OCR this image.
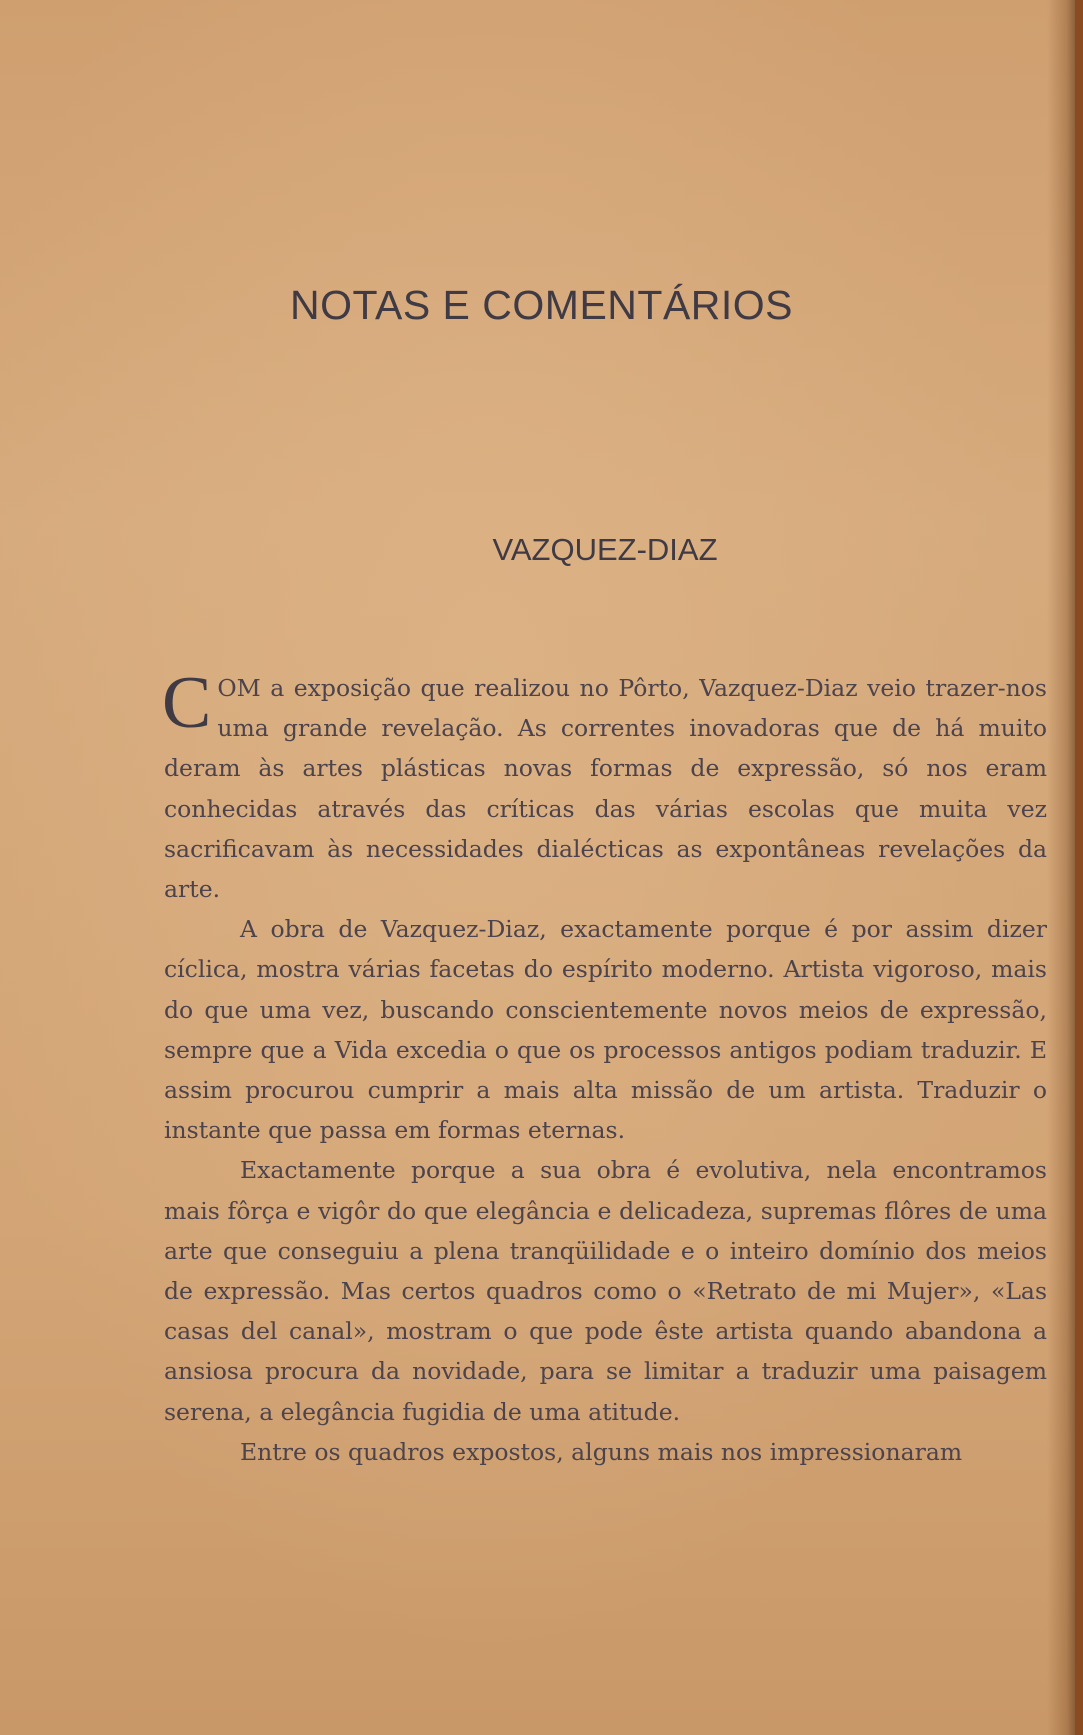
NOTAS E COMENTÁRIOS
VAZQUEZ-DIAZ

COM a exposição que realizou no Pôrto, Vazquez-Diaz veio trazer-nos uma grande revelação. As correntes inovadoras que de há muito deram às artes plásticas novas formas de expressão, só nos eram conhecidas através das críticas das várias escolas que muita vez sacrificavam às necessidades dialécticas as expontâneas revelações da arte.

A obra de Vazquez-Diaz, exactamente porque é por assim dizer cíclica, mostra várias facetas do espírito moderno. Artista vigoroso, mais do que uma vez, buscando conscientemente novos meios de expressão, sempre que a Vida excedia o que os processos antigos podiam traduzir. E assim procurou cumprir a mais alta missão de um artista. Traduzir o instante que passa em formas eternas.

Exactamente porque a sua obra é evolutiva, nela encontramos mais fôrça e vigôr do que elegância e delicadeza, supremas flôres de uma arte que conseguiu a plena tranqüilidade e o inteiro domínio dos meios de expressão. Mas certos quadros como o «Retrato de mi Mujer», «Las casas del canal», mostram o que pode êste artista quando abandona a ansiosa procura da novidade, para se limitar a traduzir uma paisagem serena, a elegância fugidia de uma atitude.

Entre os quadros expostos, alguns mais nos impressionaram
